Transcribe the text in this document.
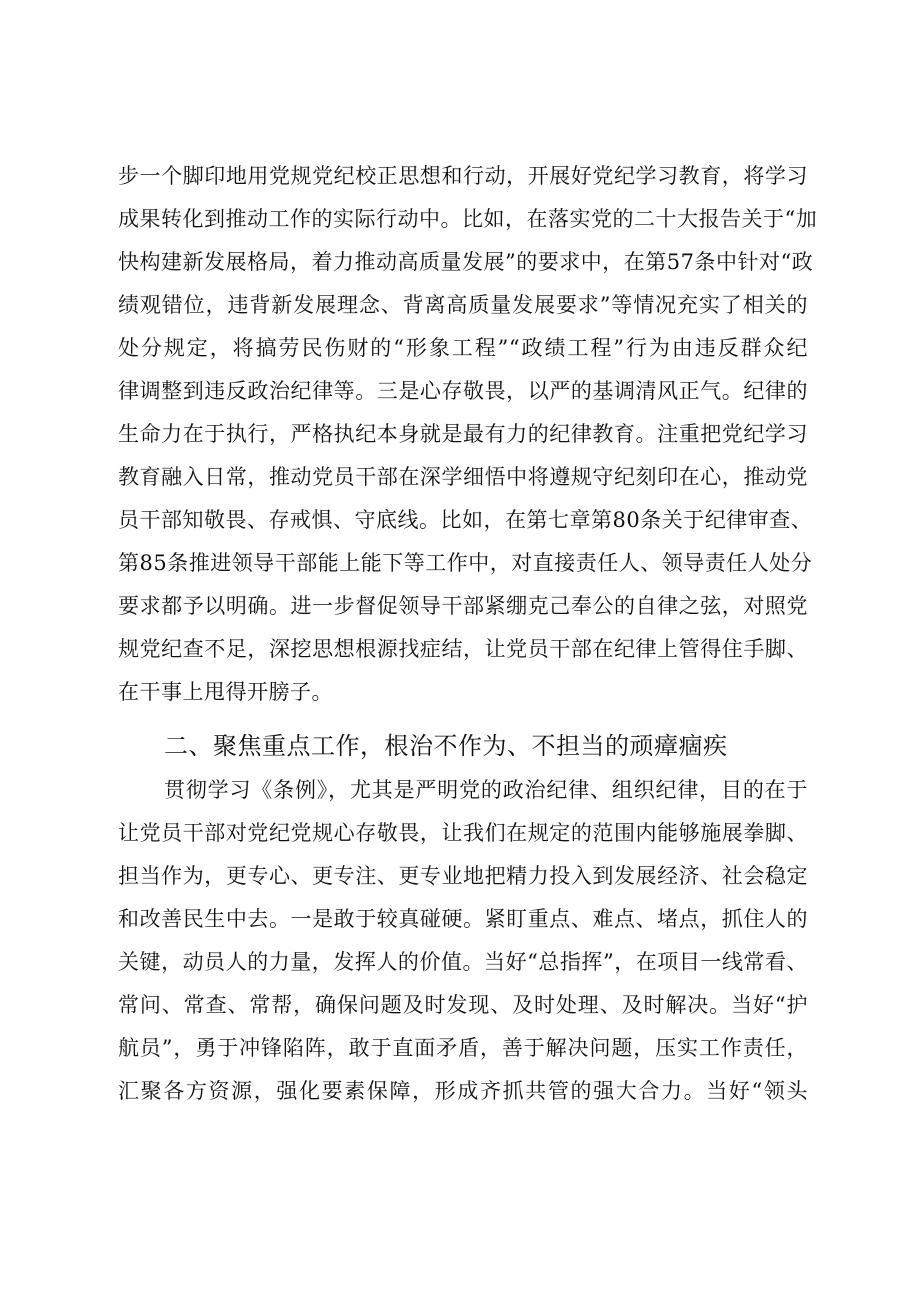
步一个脚印地用党规党纪校正思想和行动，开展好党纪学习教育，将学习
成果转化到推动工作的实际行动中。比如，在落实党的二十大报告关于“加
快构建新发展格局，着力推动高质量发展”的要求中，在第57条中针对“政
绩观错位，违背新发展理念、背离高质量发展要求”等情况充实了相关的
处分规定，将搞劳民伤财的“形象工程”“政绩工程”行为由违反群众纪
律调整到违反政治纪律等。三是心存敬畏，以严的基调清风正气。纪律的
生命力在于执行，严格执纪本身就是最有力的纪律教育。注重把党纪学习
教育融入日常，推动党员干部在深学细悟中将遵规守纪刻印在心，推动党
员干部知敬畏、存戒惧、守底线。比如，在第七章第80条关于纪律审查、
第85条推进领导干部能上能下等工作中，对直接责任人、领导责任人处分
要求都予以明确。进一步督促领导干部紧绷克己奉公的自律之弦，对照党
规党纪查不足，深挖思想根源找症结，让党员干部在纪律上管得住手脚、
在干事上甩得开膀子。
二、聚焦重点工作，根治不作为、不担当的顽瘴痼疾
贯彻学习《条例》，尤其是严明党的政治纪律、组织纪律，目的在于
让党员干部对党纪党规心存敬畏，让我们在规定的范围内能够施展拳脚、
担当作为，更专心、更专注、更专业地把精力投入到发展经济、社会稳定
和改善民生中去。一是敢于较真碰硬。紧盯重点、难点、堵点，抓住人的
关键，动员人的力量，发挥人的价值。当好“总指挥”，在项目一线常看、
常问、常查、常帮，确保问题及时发现、及时处理、及时解决。当好“护
航员”，勇于冲锋陷阵，敢于直面矛盾，善于解决问题，压实工作责任，
汇聚各方资源，强化要素保障，形成齐抓共管的强大合力。当好“领头
